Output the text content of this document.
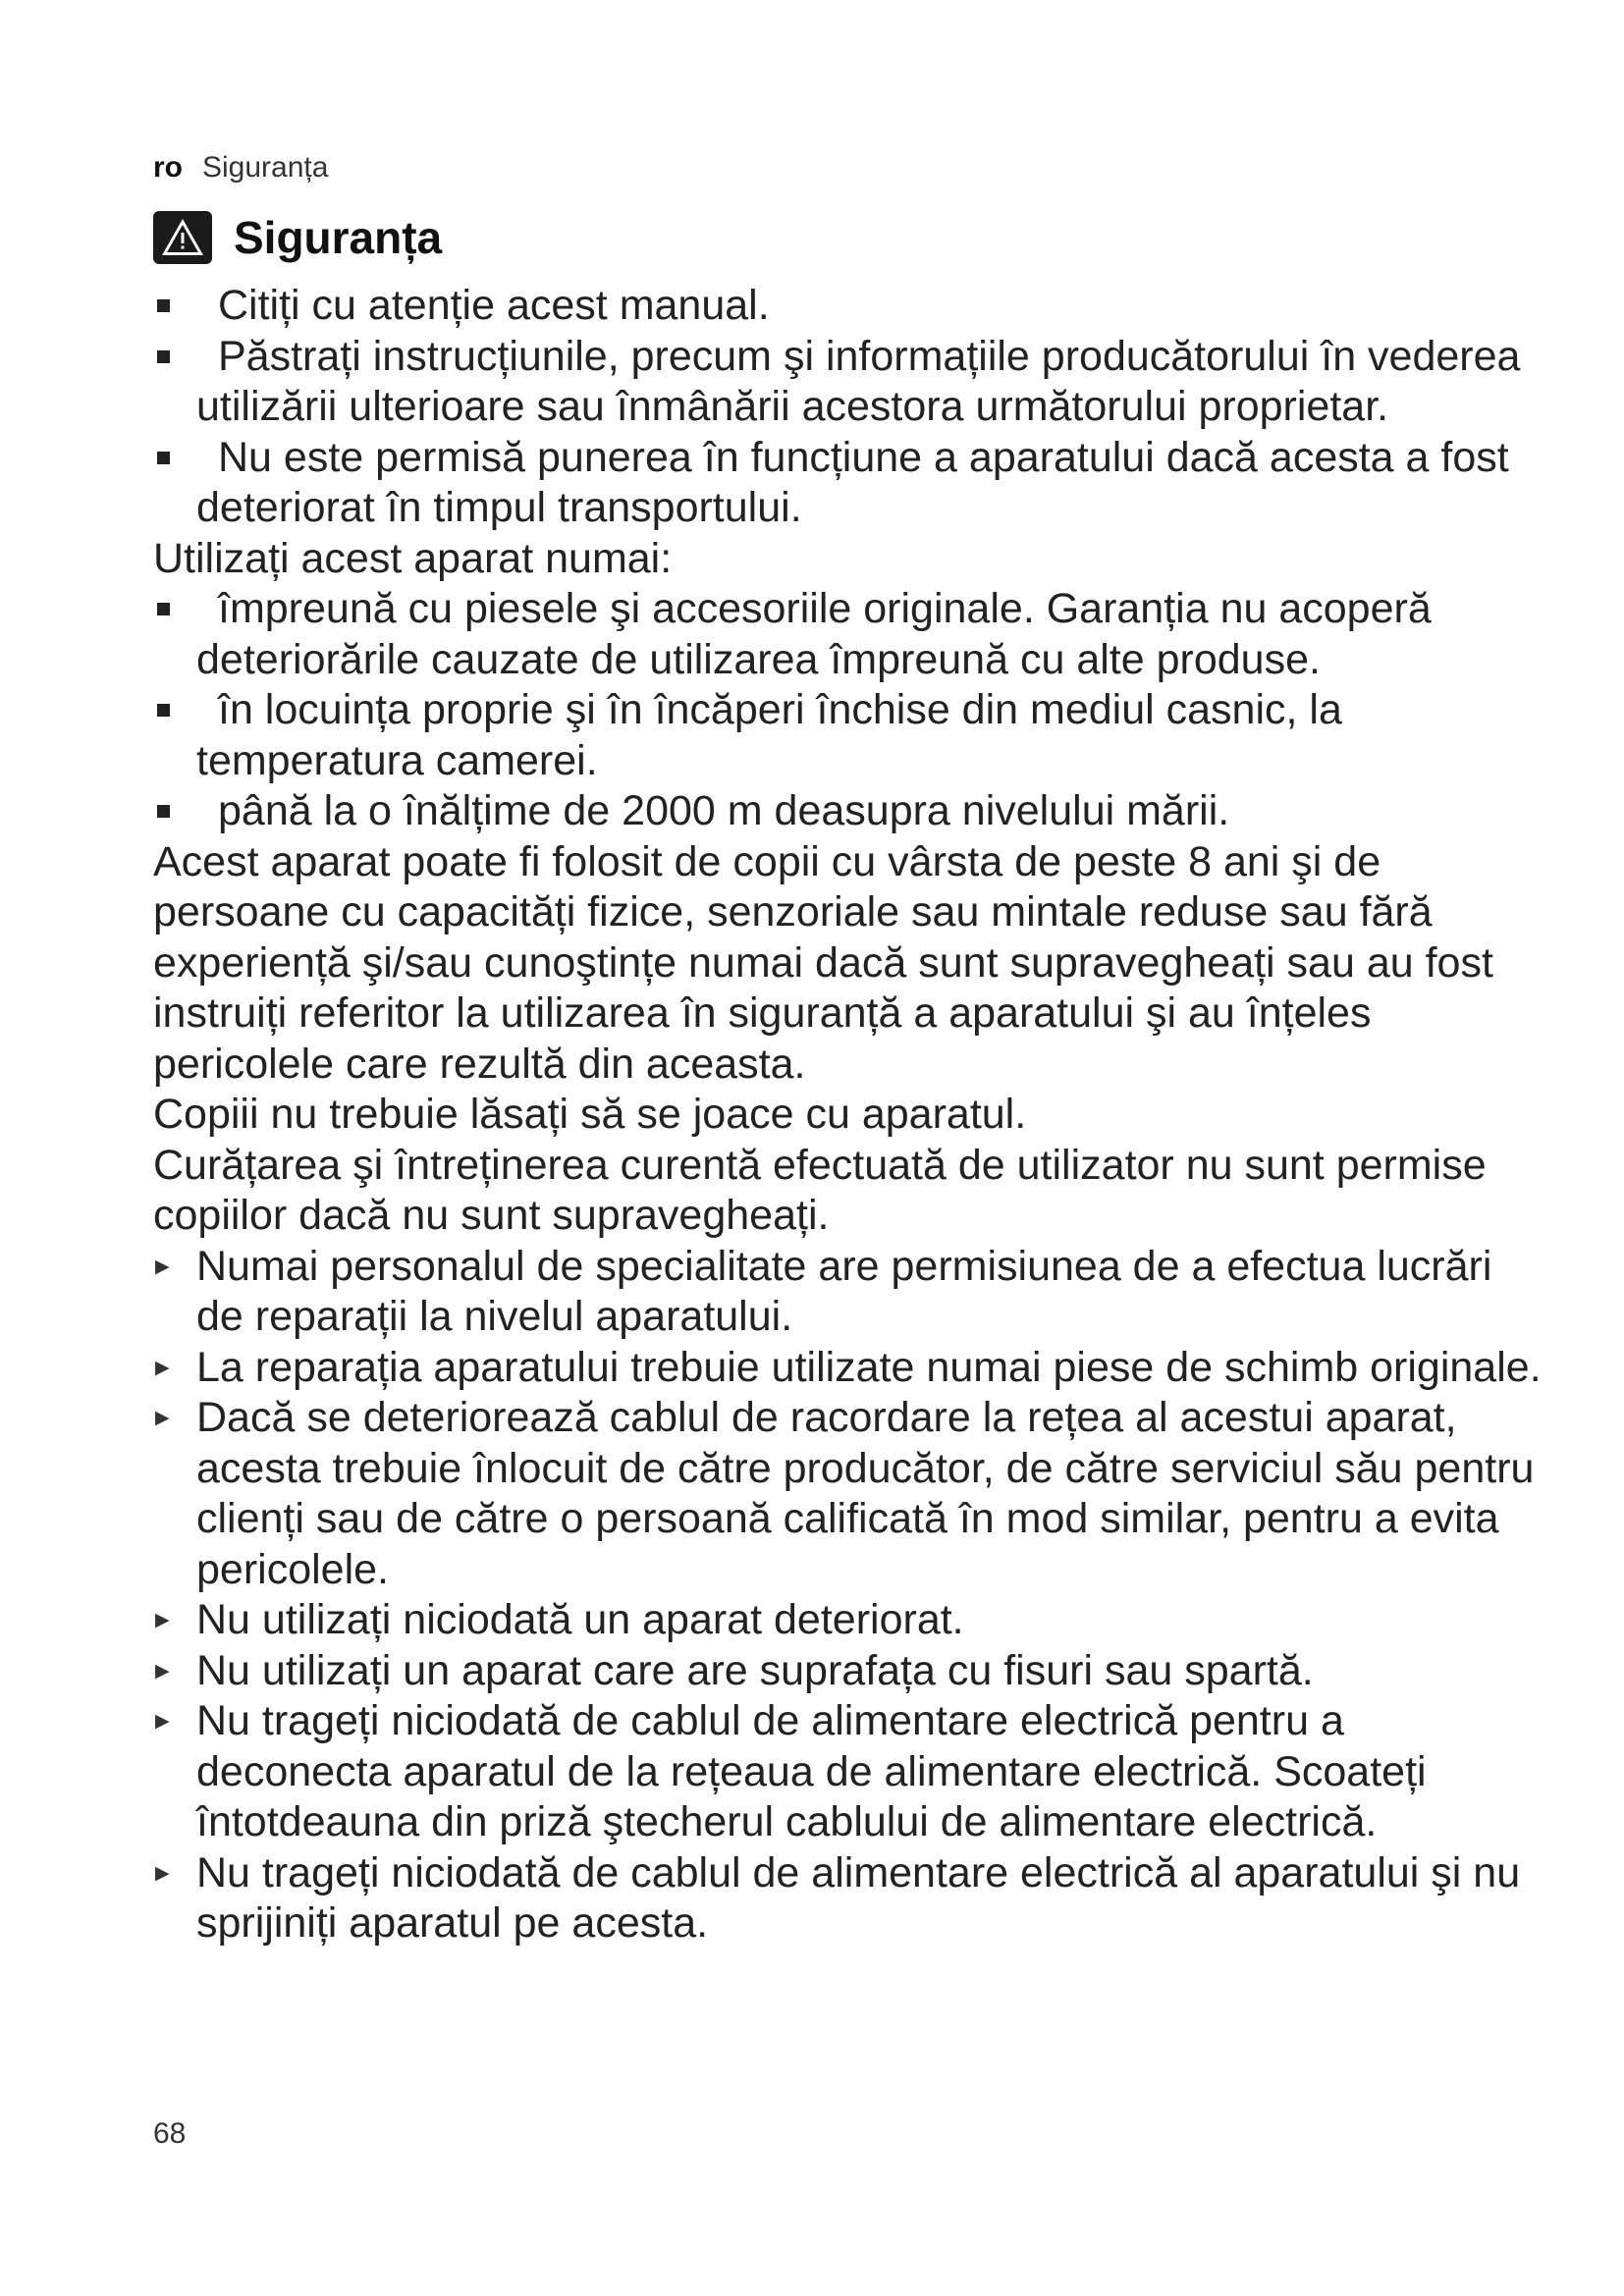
ro Siguranța
Siguranța
Citiți cu atenție acest manual.
Păstrați instrucțiunile, precum şi informațiile producătorului în vederea utilizării ulterioare sau înmânării acestora următorului proprietar.
Nu este permisă punerea în funcțiune a aparatului dacă acesta a fost deteriorat în timpul transportului.

Utilizați acest aparat numai:

împreună cu piesele şi accesoriile originale. Garanția nu acoperă deteriorările cauzate de utilizarea împreună cu alte produse.
în locuința proprie şi în încăperi închise din mediul casnic, la temperatura camerei.
până la o înălțime de 2000 m deasupra nivelului mării.

Acest aparat poate fi folosit de copii cu vârsta de peste 8 ani şi de persoane cu capacități fizice, senzoriale sau mintale reduse sau fără experiență şi/sau cunoştințe numai dacă sunt supravegheați sau au fost instruiți referitor la utilizarea în siguranță a aparatului şi au înțeles pericolele care rezultă din aceasta.

Copiii nu trebuie lăsați să se joace cu aparatul.

Curățarea şi întreținerea curentă efectuată de utilizator nu sunt permise copiilor dacă nu sunt supravegheați.

▶ Numai personalul de specialitate are permisiunea de a efectua lucrări de reparații la nivelul aparatului.
▶ La reparația aparatului trebuie utilizate numai piese de schimb originale.
▶ Dacă se deteriorează cablul de racordare la rețea al acestui aparat, acesta trebuie înlocuit de către producător, de către serviciul său pentru clienți sau de către o persoană calificată în mod similar, pentru a evita pericolele.
▶ Nu utilizați niciodată un aparat deteriorat.
▶ Nu utilizați un aparat care are suprafața cu fisuri sau spartă.
▶ Nu trageți niciodată de cablul de alimentare electrică pentru a deconecta aparatul de la rețeaua de alimentare electrică. Scoateți întotdeauna din priză ştecherul cablului de alimentare electrică.
▶ Nu trageți niciodată de cablul de alimentare electrică al aparatului şi nu sprijiniți aparatul pe acesta.
68
